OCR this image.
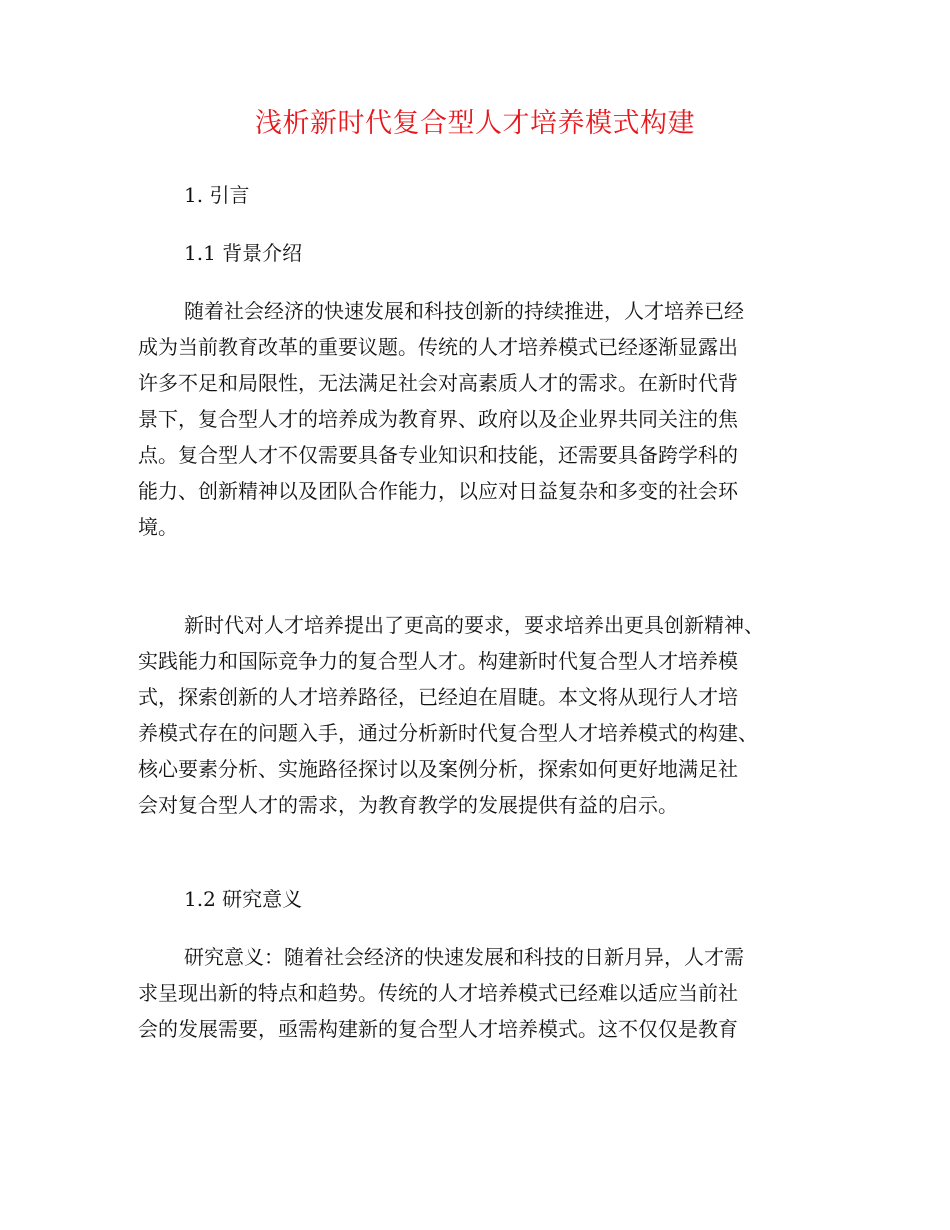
浅析新时代复合型人才培养模式构建
1. 引言
1.1 背景介绍
随着社会经济的快速发展和科技创新的持续推进，人才培养已经
成为当前教育改革的重要议题。传统的人才培养模式已经逐渐显露出
许多不足和局限性，无法满足社会对高素质人才的需求。在新时代背
景下，复合型人才的培养成为教育界、政府以及企业界共同关注的焦
点。复合型人才不仅需要具备专业知识和技能，还需要具备跨学科的
能力、创新精神以及团队合作能力，以应对日益复杂和多变的社会环
境。
新时代对人才培养提出了更高的要求，要求培养出更具创新精神、
实践能力和国际竞争力的复合型人才。构建新时代复合型人才培养模
式，探索创新的人才培养路径，已经迫在眉睫。本文将从现行人才培
养模式存在的问题入手，通过分析新时代复合型人才培养模式的构建、
核心要素分析、实施路径探讨以及案例分析，探索如何更好地满足社
会对复合型人才的需求，为教育教学的发展提供有益的启示。
1.2 研究意义
研究意义：随着社会经济的快速发展和科技的日新月异，人才需
求呈现出新的特点和趋势。传统的人才培养模式已经难以适应当前社
会的发展需要，亟需构建新的复合型人才培养模式。这不仅仅是教育
